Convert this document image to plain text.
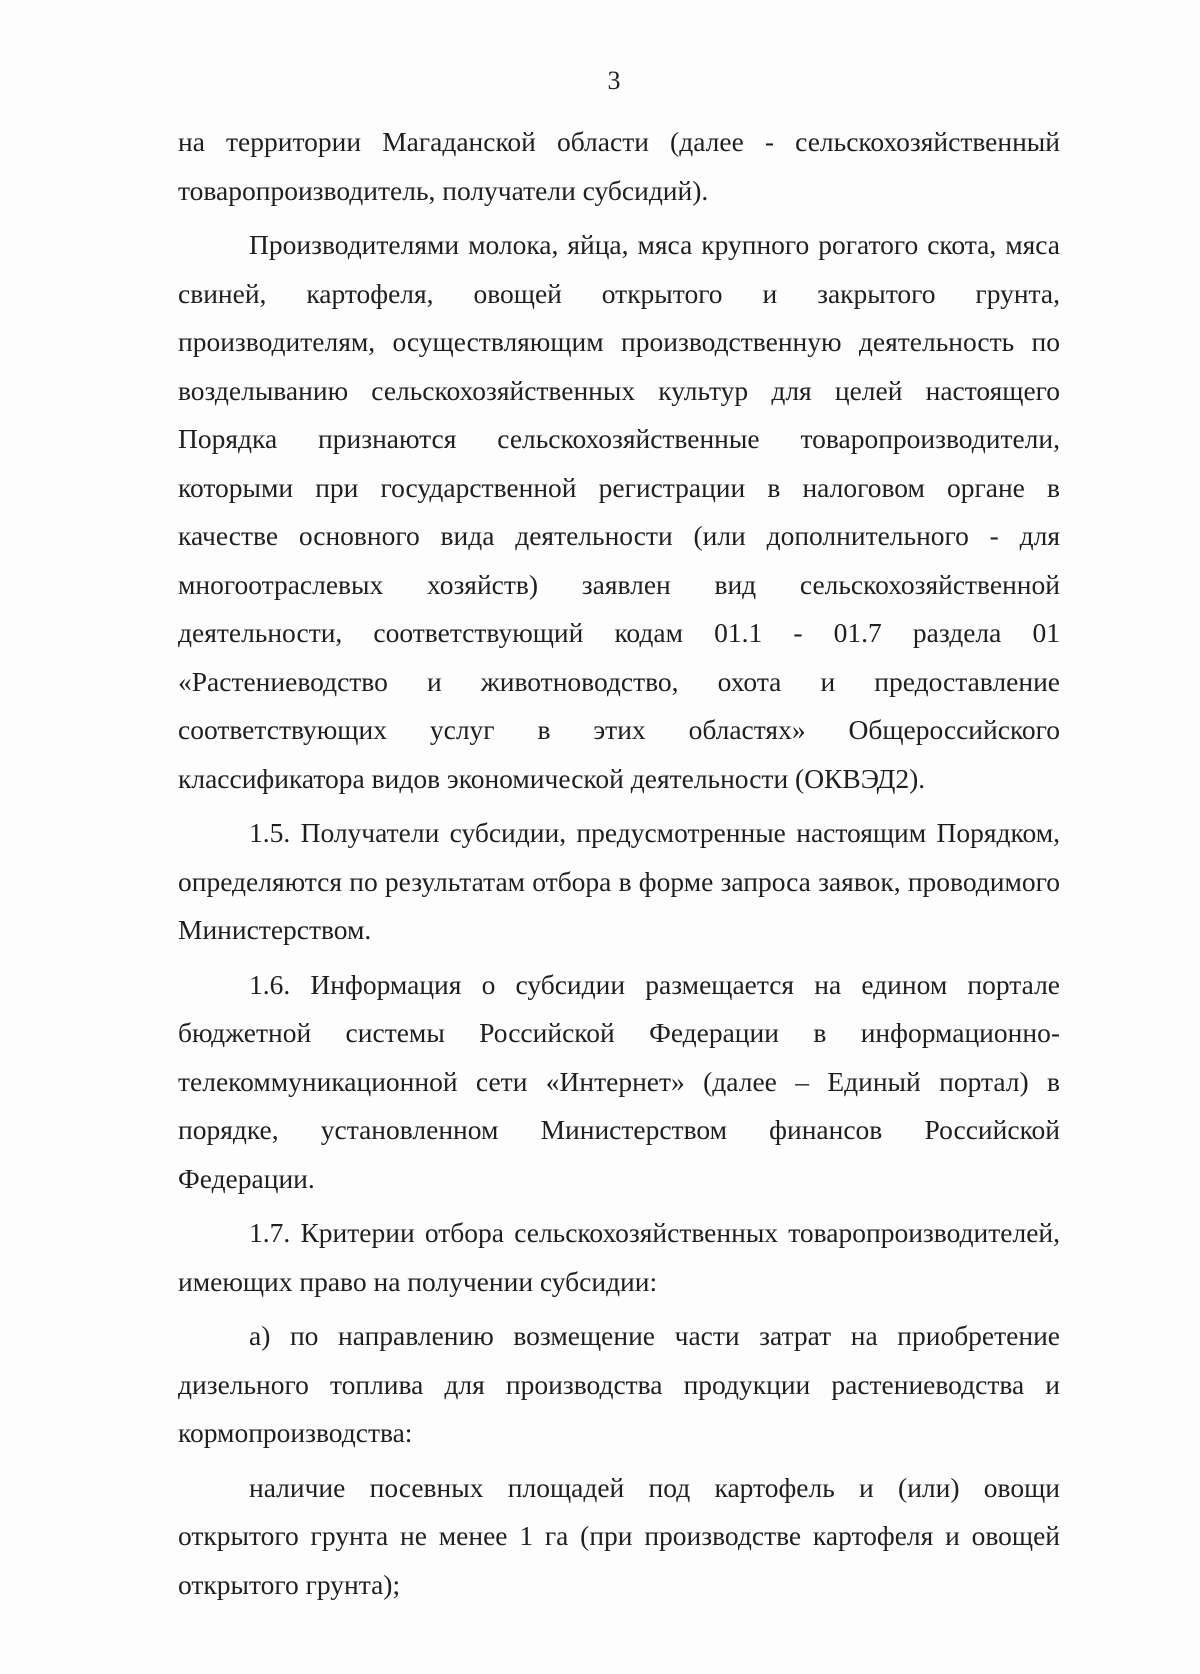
3

на территории Магаданской области (далее - сельскохозяйственный товаропроизводитель, получатели субсидий).

Производителями молока, яйца, мяса крупного рогатого скота, мяса свиней, картофеля, овощей открытого и закрытого грунта, производителям, осуществляющим производственную деятельность по возделыванию сельскохозяйственных культур для целей настоящего Порядка признаются сельскохозяйственные товаропроизводители, которыми при государственной регистрации в налоговом органе в качестве основного вида деятельности (или дополнительного - для многоотраслевых хозяйств) заявлен вид сельскохозяйственной деятельности, соответствующий кодам 01.1 - 01.7 раздела 01 «Растениеводство и животноводство, охота и предоставление соответствующих услуг в этих областях» Общероссийского классификатора видов экономической деятельности (ОКВЭД2).

1.5. Получатели субсидии, предусмотренные настоящим Порядком, определяются по результатам отбора в форме запроса заявок, проводимого Министерством.

1.6. Информация о субсидии размещается на едином портале бюджетной системы Российской Федерации в информационно-телекоммуникационной сети «Интернет» (далее – Единый портал) в порядке, установленном Министерством финансов Российской Федерации.

1.7. Критерии отбора сельскохозяйственных товаропроизводителей, имеющих право на получении субсидии:

а) по направлению возмещение части затрат на приобретение дизельного топлива для производства продукции растениеводства и кормопроизводства:

наличие посевных площадей под картофель и (или) овощи открытого грунта не менее 1 га (при производстве картофеля и овощей открытого грунта);
